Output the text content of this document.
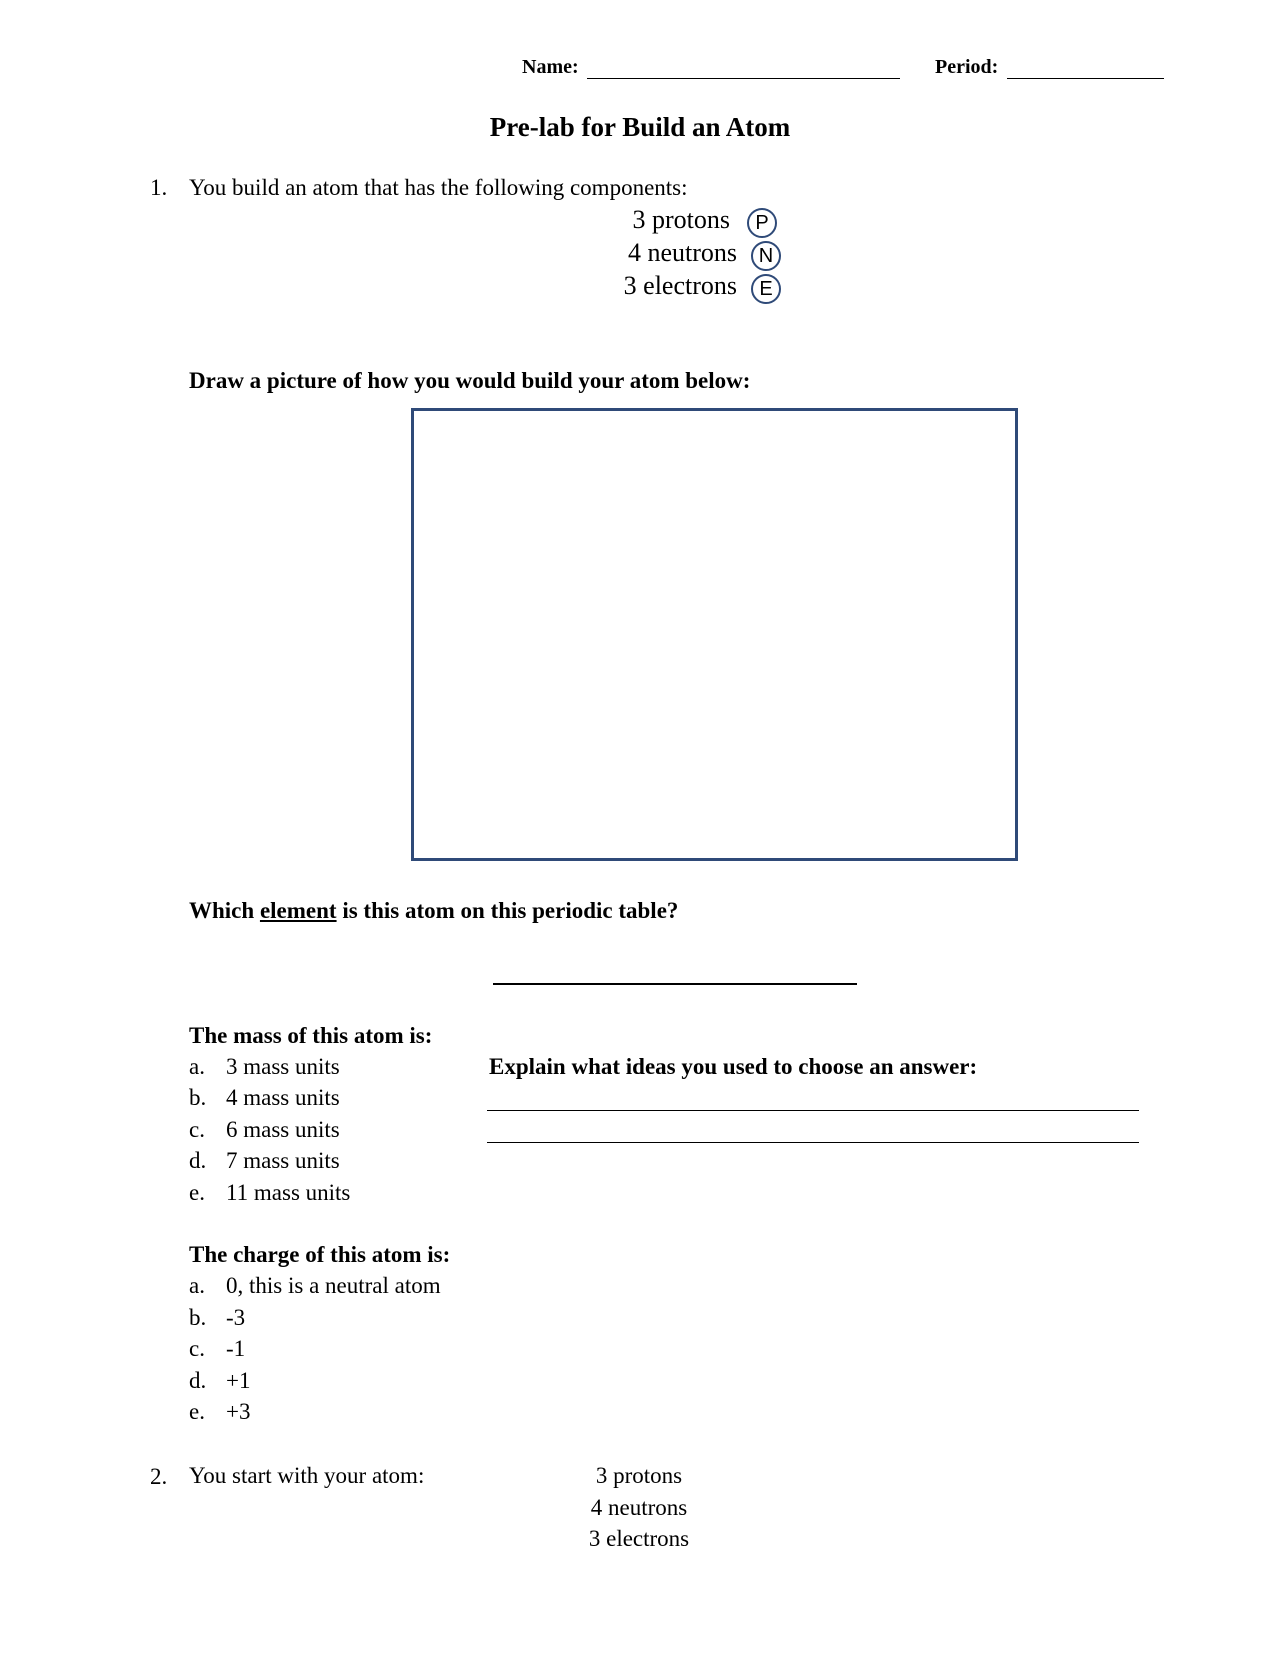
Name:	Period:
Pre-lab for Build an Atom
1. You build an atom that has the following components:
3 protons	P
4 neutrons	N
3 electrons	E
Draw a picture of how you would build your atom below:
Which element is this atom on this periodic table?
The mass of this atom is:
a. 3 mass units
b. 4 mass units
c. 6 mass units
d. 7 mass units
e. 11 mass units
Explain what ideas you used to choose an answer:
The charge of this atom is:
a. 0, this is a neutral atom
b. -3
c. -1
d. +1
e. +3
2. You start with your atom:	3 protons
4 neutrons
3 electrons
